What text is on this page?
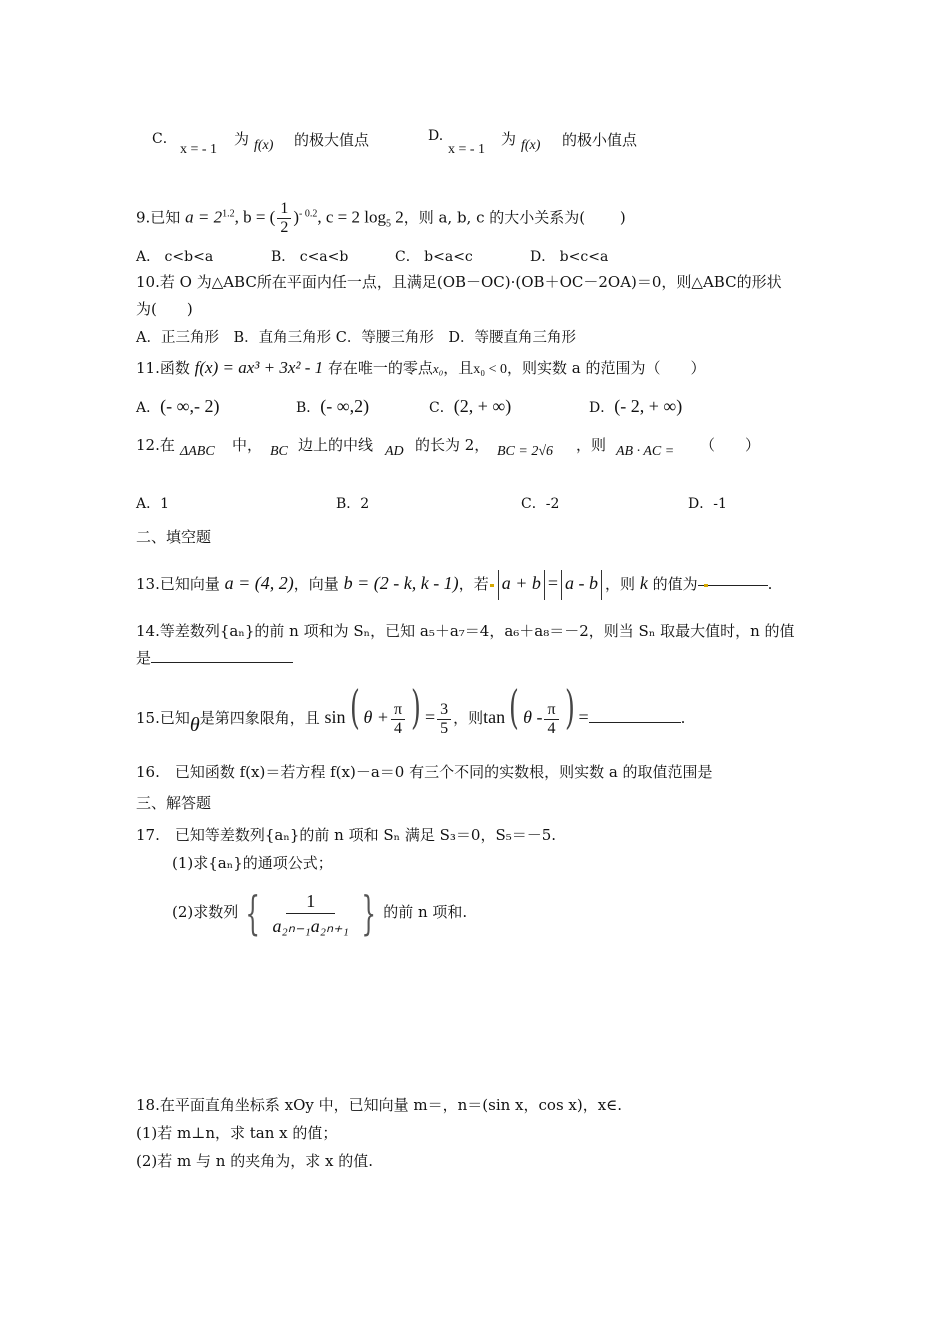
C．
x = - 1
为 f(x) 的极大值点	D.
x = - 1
为 f(x) 的极小值点
9.已知 $a = 2^{1.2}$, b = ( $\frac{1}{2} )^{- 0.2}$, c = 2 $\log_5 2$，则 a, b, c 的大小关系为(　　 )
A． c<b<a	B． c<a<b	C． b<a<c	D． b<c<a
10.若 O 为△ABC所在平面内任一点，且满足(OB－OC)·(OB＋OC－2OA)＝0，则△ABC的形状
为(　　)
A．正三角形　B．直角三角形 C．等腰三角形　D．等腰直角三角形
11.函数 f(x) = ax³ + 3x² - 1 存在唯一的零点x₀，且x₀ < 0，则实数 a 的范围为（　　）
A．(- ∞,- 2)	B．(- ∞,2)	C．(2, + ∞)	D．(- 2, + ∞)
12.在 ΔABC 中， BC 边上的中线 AD 的长为 2， BC = 2√6 ，则 AB · AC = （　　）
A．1	B．2	C．-2	D．-1
二、填空题
13.已知向量 a = (4, 2)，向量 b = (2 - k, k - 1)，若 a + b = a - b ，则 k 的值为	.
14.等差数列{aₙ}的前 n 项和为 Sₙ，已知 a₅＋a₇＝4，a₆＋a₈＝－2，则当 Sₙ 取最大值时，n 的值
是
15.已知θ是第四象限角，且 sin( $\theta + \frac{\pi}{4}$ ) = $\frac{3}{5}$ ，则tan( θ - $\frac{\pi}{4}$ ) =	.
16.　已知函数 f(x)＝若方程 f(x)－a＝0 有三个不同的实数根，则实数 a 的取值范围是
三、解答题
17.　已知等差数列{aₙ}的前 n 项和 Sₙ 满足 S₃＝0，S₅＝－5.
(1)求{aₙ}的通项公式；
(2)求数列 { $\frac{1}{\text{a₂ₙ₋₁a₂ₙ₊₁}}$ } 的前 n 项和.
18.在平面直角坐标系 xOy 中，已知向量 m＝，n＝(sin x，cos x)，x∈.
(1)若 m⊥n，求 tan x 的值；
(2)若 m 与 n 的夹角为，求 x 的值.
